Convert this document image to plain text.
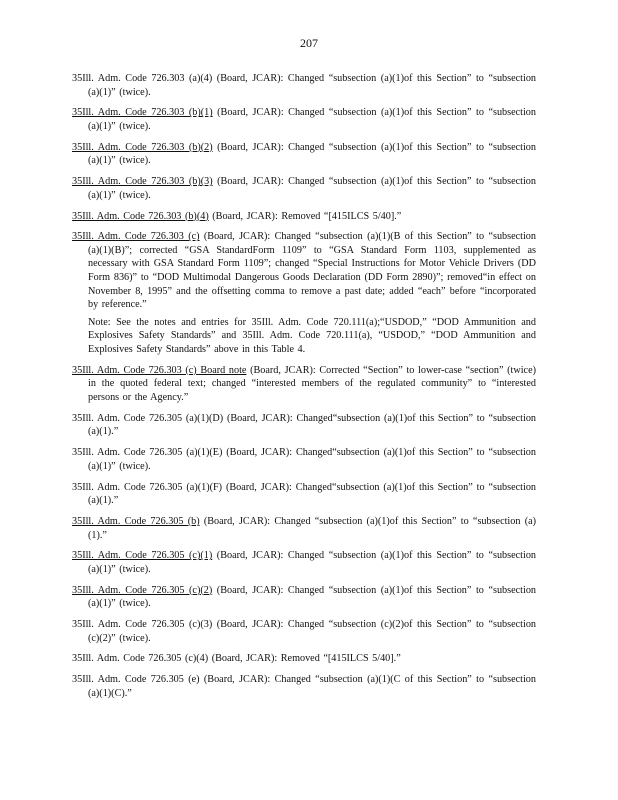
207

35Ill. Adm. Code 726.303 (a)(4) (Board, JCAR): Changed “subsection (a)(1)of this Section” to “subsection (a)(1)” (twice).

35Ill. Adm. Code 726.303 (b)(1) (Board, JCAR): Changed “subsection (a)(1)of this Section” to “subsection (a)(1)” (twice).

35Ill. Adm. Code 726.303 (b)(2) (Board, JCAR): Changed “subsection (a)(1)of this Section” to “subsection (a)(1)” (twice).

35Ill. Adm. Code 726.303 (b)(3) (Board, JCAR): Changed “subsection (a)(1)of this Section” to “subsection (a)(1)” (twice).

35Ill. Adm. Code 726.303 (b)(4) (Board, JCAR): Removed “[415ILCS 5/40].”

35Ill. Adm. Code 726.303 (c) (Board, JCAR): Changed “subsection (a)(1)(B of this Section” to “subsection (a)(1)(B)”; corrected “GSA StandardForm 1109” to “GSA Standard Form 1103, supplemented as necessary with GSA Standard Form 1109”; changed “Special Instructions for Motor Vehicle Drivers (DD Form 836)” to “DOD Multimodal Dangerous Goods Declaration (DD Form 2890)”; removed“in effect on November 8, 1995” and the offsetting comma to remove a past date; added “each” before “incorporated by reference.”

Note: See the notes and entries for 35Ill. Adm. Code 720.111(a);“USDOD,” “DOD Ammunition and Explosives Safety Standards” and 35Ill. Adm. Code 720.111(a), “USDOD,” “DOD Ammunition and Explosives Safety Standards” above in this Table 4.

35Ill. Adm. Code 726.303 (c) Board note (Board, JCAR): Corrected “Section” to lower-case “section” (twice) in the quoted federal text; changed “interested members of the regulated community” to “interested persons or the Agency.”

35Ill. Adm. Code 726.305 (a)(1)(D) (Board, JCAR): Changed“subsection (a)(1)of this Section” to “subsection (a)(1).”

35Ill. Adm. Code 726.305 (a)(1)(E) (Board, JCAR): Changed“subsection (a)(1)of this Section” to “subsection (a)(1)” (twice).

35Ill. Adm. Code 726.305 (a)(1)(F) (Board, JCAR): Changed“subsection (a)(1)of this Section” to “subsection (a)(1).”

35Ill. Adm. Code 726.305 (b) (Board, JCAR): Changed “subsection (a)(1)of this Section” to “subsection (a)(1).”

35Ill. Adm. Code 726.305 (c)(1) (Board, JCAR): Changed “subsection (a)(1)of this Section” to “subsection (a)(1)” (twice).

35Ill. Adm. Code 726.305 (c)(2) (Board, JCAR): Changed “subsection (a)(1)of this Section” to “subsection (a)(1)” (twice).

35Ill. Adm. Code 726.305 (c)(3) (Board, JCAR): Changed “subsection (c)(2)of this Section” to “subsection (c)(2)” (twice).

35Ill. Adm. Code 726.305 (c)(4) (Board, JCAR): Removed “[415ILCS 5/40].”

35Ill. Adm. Code 726.305 (e) (Board, JCAR): Changed “subsection (a)(1)(C of this Section” to “subsection (a)(1)(C).”
